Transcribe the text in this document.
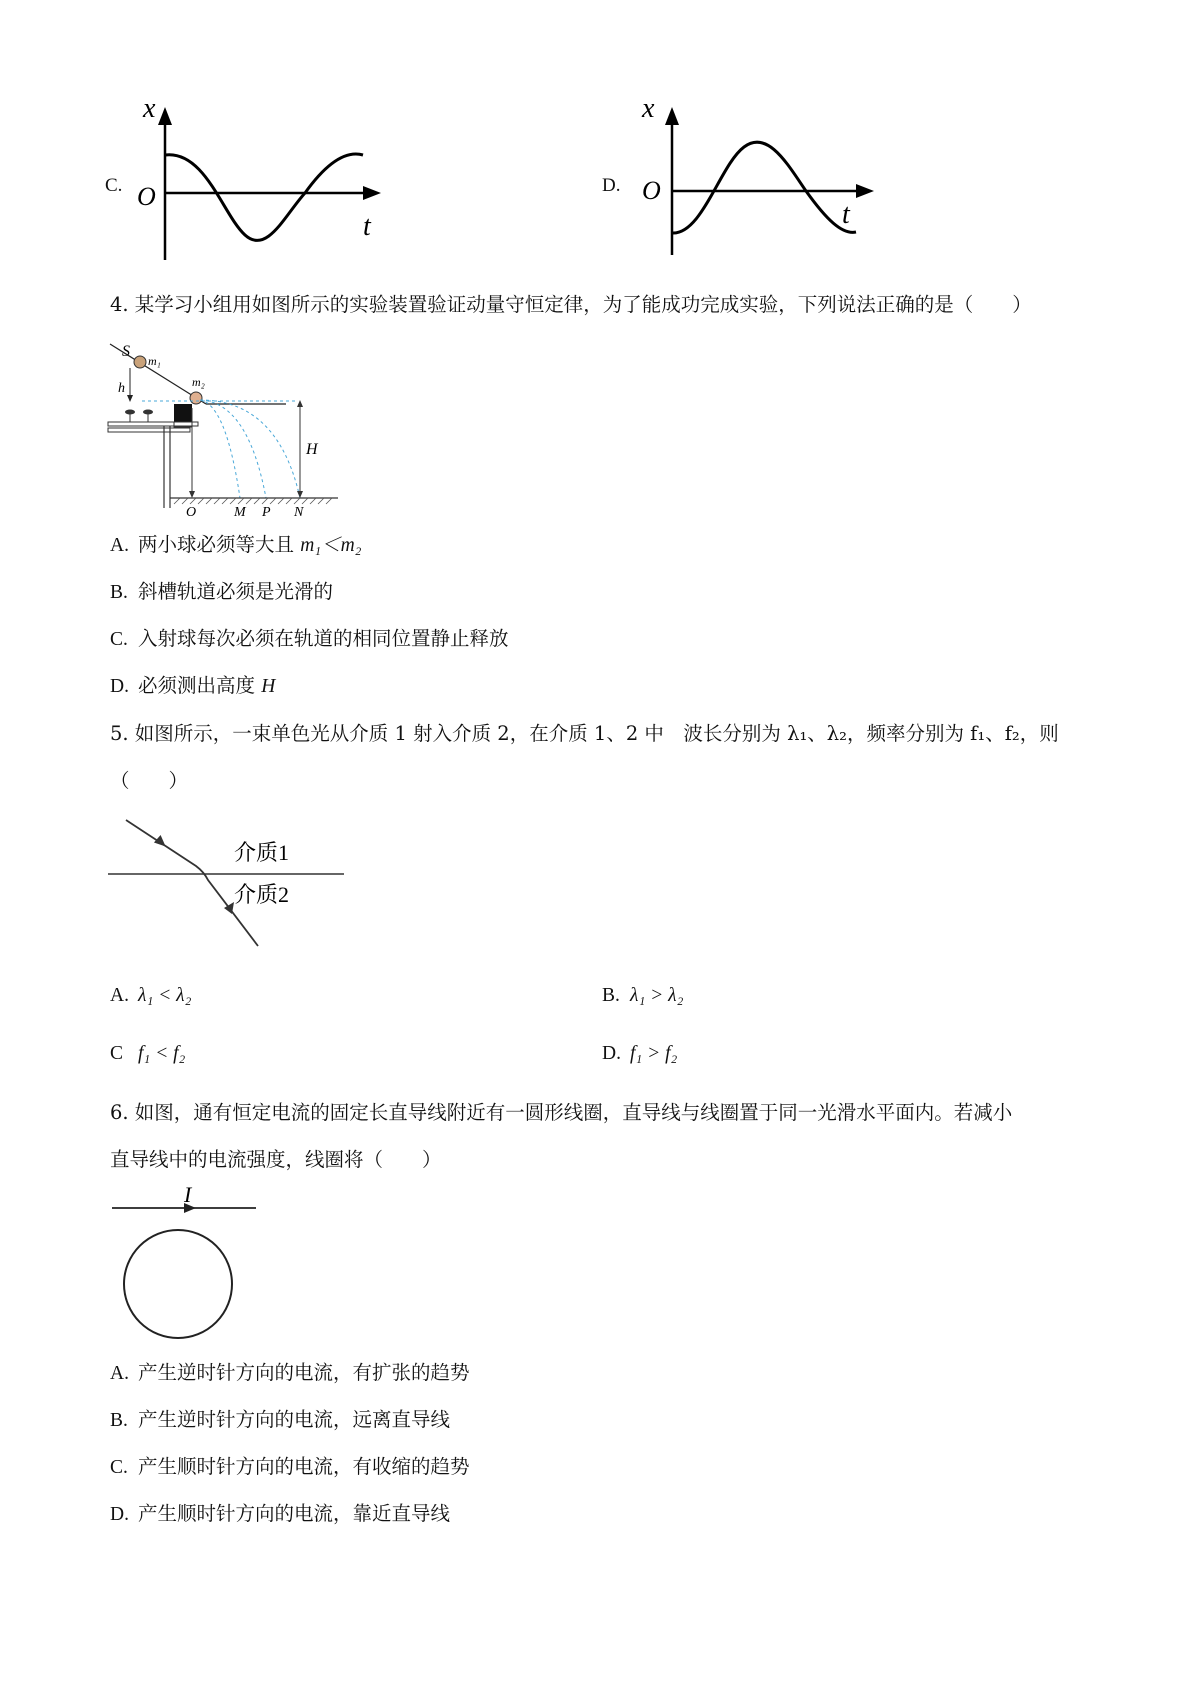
C.
x
t
O	D.
x
t
O
4. 某学习小组用如图所示的实验装置验证动量守恒定律，为了能成功完成实验，下列说法正确的是（　　）
S
m₁
h	m₂
H
O	M P N
A. 两小球必须等大且 m₁＜m₂
B. 斜槽轨道必须是光滑的
C. 入射球每次必须在轨道的相同位置静止释放
D. 必须测出高度 H
5. 如图所示，一束单色光从介质 1 射入介质 2，在介质 1、2 中　波长分别为 λ₁、λ₂，频率分别为 f₁、f₂，则
（　　）
介质1
介质2
A. λ₁ < λ₂	B. λ₁ > λ₂
C f₁ < f₂	D. f₁ > f₂
6. 如图，通有恒定电流的固定长直导线附近有一圆形线圈，直导线与线圈置于同一光滑水平面内。若减小
直导线中的电流强度，线圈将（　　）
I
A. 产生逆时针方向的电流，有扩张的趋势
B. 产生逆时针方向的电流，远离直导线
C. 产生顺时针方向的电流，有收缩的趋势
D. 产生顺时针方向的电流，靠近直导线
